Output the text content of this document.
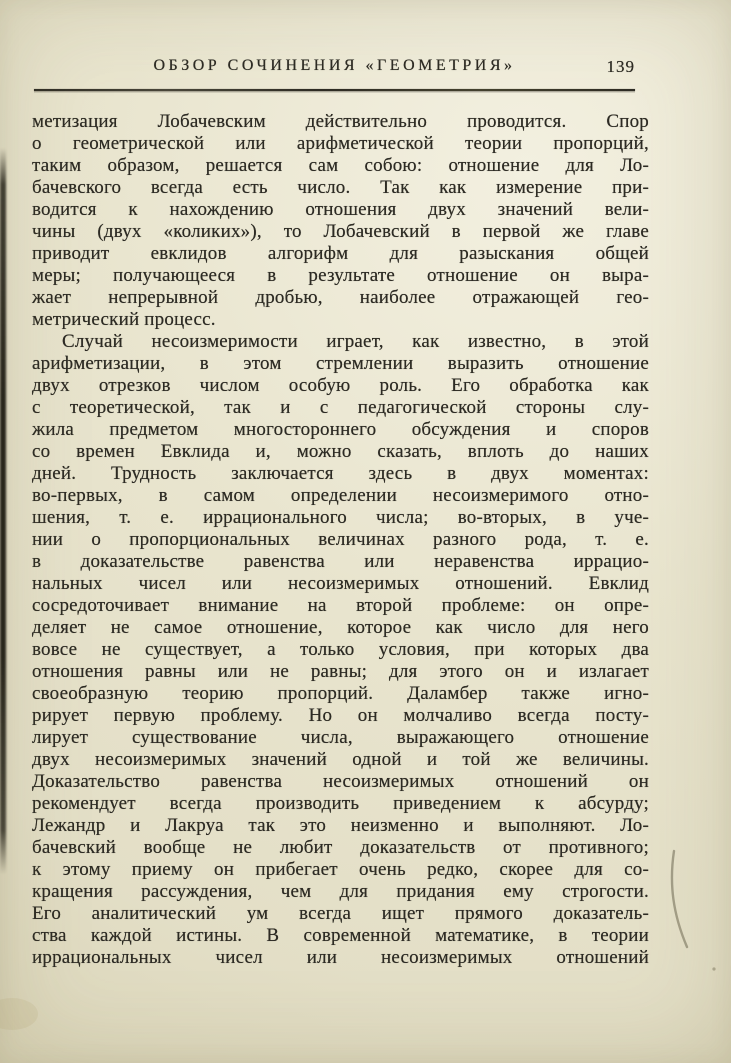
ОБЗОР СОЧИНЕНИЯ «ГЕОМЕТРИЯ»	139
метизация Лобачевским действительно проводится. Спор
о геометрической или арифметической теории пропорций,
таким образом, решается сам собою: отношение для Ло-
бачевского всегда есть число. Так как измерение при-
водится к нахождению отношения двух значений вели-
чины (двух «коликих»), то Лобачевский в первой же главе
приводит евклидов алгорифм для разыскания общей
меры; получающееся в результате отношение он выра-
жает непрерывной дробью, наиболее отражающей гео-
метрический процесс.
Случай несоизмеримости играет, как известно, в этой
арифметизации, в этом стремлении выразить отношение
двух отрезков числом особую роль. Его обработка как
с теоретической, так и с педагогической стороны слу-
жила предметом многостороннего обсуждения и споров
со времен Евклида и, можно сказать, вплоть до наших
дней. Трудность заключается здесь в двух моментах:
во-первых, в самом определении несоизмеримого отно-
шения, т. е. иррационального числа; во-вторых, в уче-
нии о пропорциональных величинах разного рода, т. е.
в доказательстве равенства или неравенства иррацио-
нальных чисел или несоизмеримых отношений. Евклид
сосредоточивает внимание на второй проблеме: он опре-
деляет не самое отношение, которое как число для него
вовсе не существует, а только условия, при которых два
отношения равны или не равны; для этого он и излагает
своеобразную теорию пропорций. Даламбер также игно-
рирует первую проблему. Но он молчаливо всегда посту-
лирует существование числа, выражающего отношение
двух несоизмеримых значений одной и той же величины.
Доказательство равенства несоизмеримых отношений он
рекомендует всегда производить приведением к абсурду;
Лежандр и Лакруа так это неизменно и выполняют. Ло-
бачевский вообще не любит доказательств от противного;
к этому приему он прибегает очень редко, скорее для со-
кращения рассуждения, чем для придания ему строгости.
Его аналитический ум всегда ищет прямого доказатель-
ства каждой истины. В современной математике, в теории
иррациональных чисел или несоизмеримых отношений
